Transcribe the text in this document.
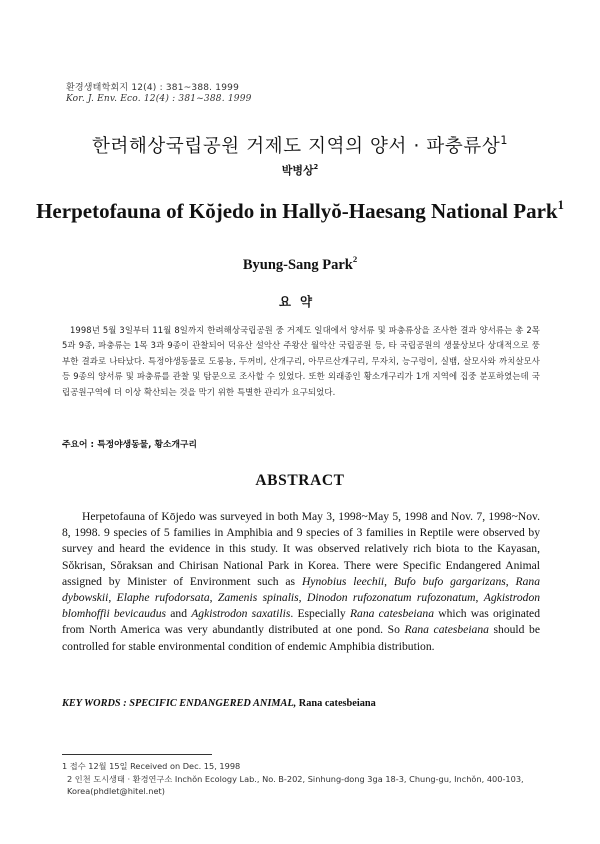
환경생태학회지 12(4) : 381~388. 1999
Kor. J. Env. Eco. 12(4) : 381~388. 1999
한려해상국립공원 거제도 지역의 양서 · 파충류상$^1$
박병상$^2$
Herpetofauna of Kŏjedo in Hallyŏ-Haesang National Park$^1$
Byung-Sang Park$^2$
요약
1998년 5월 3일부터 11월 8일까지 한려해상국립공원 중 거제도 일대에서 양서류 및 파충류상을 조사한 결과 양서류는 총 2목 5과 9종, 파충류는 1목 3과 9종이 관찰되어 덕유산 설악산 주왕산 월악산 국립공원 등, 타 국립공원의 생물상보다 상대적으로 풍부한 결과로 나타났다. 특정야생동물로 도롱뇽, 두꺼비, 산개구리, 아무르산개구리, 무자치, 능구렁이, 실뱀, 살모사와 까치살모사 등 9종의 양서류 및 파충류를 관찰 및 탐문으로 조사할 수 있었다. 또한 외래종인 황소개구리가 1개 지역에 집중 분포하였는데 국립공원구역에 더 이상 확산되는 것을 막기 위한 특별한 관리가 요구되었다.
주요어 : 특정야생동물, 황소개구리
ABSTRACT
Herpetofauna of Kōjedo was surveyed in both May 3, 1998~May 5, 1998 and Nov. 7, 1998~Nov. 8, 1998. 9 species of 5 families in Amphibia and 9 species of 3 families in Reptile were observed by survey and heard the evidence in this study. It was observed relatively rich biota to the Kayasan, Sŏkrisan, Sŏraksan and Chirisan National Park in Korea. There were Specific Endangered Animal assigned by Minister of Environment such as Hynobius leechii, Bufo bufo gargarizans, Rana dybowskii, Elaphe rufodorsata, Zamenis spinalis, Dinodon rufozonatum rufozonatum, Agkistrodon blomhoffii bevicaudus and Agkistrodon saxatilis. Especially Rana catesbeiana which was originated from North America was very abundantly distributed at one pond. So Rana catesbeiana should be controlled for stable environmental condition of endemic Amphibia distribution.
KEY WORDS : SPECIFIC ENDANGERED ANIMAL, Rana catesbeiana
1 접수 12월 15일 Received on Dec. 15, 1998
2 인천 도시생태 · 환경연구소 Inchŏn Ecology Lab., No. B-202, Sinhung-dong 3ga 18-3, Chung-gu, Inchŏn, 400-103, Korea(phdlet@hitel.net)
